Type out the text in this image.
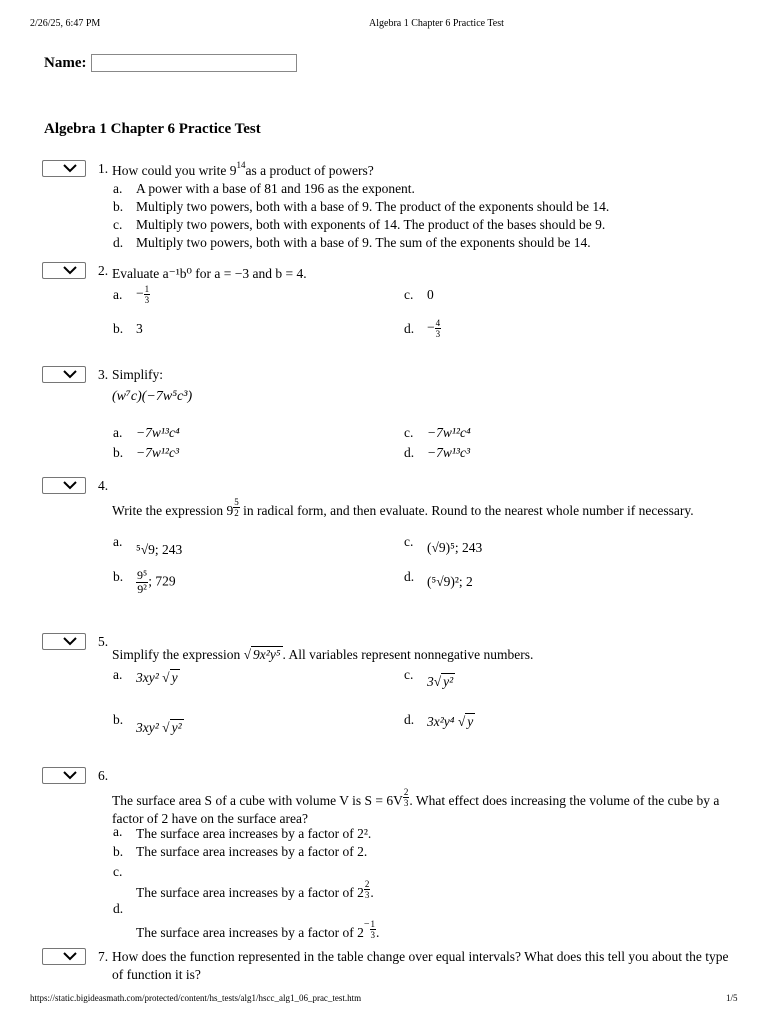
2/26/25, 6:47 PM	Algebra 1 Chapter 6 Practice Test
Name:
Algebra 1 Chapter 6 Practice Test
1. How could you write $9^{14}as$ a product of powers?
a. A power with a base of 81 and 196 as the exponent.
b. Multiply two powers, both with a base of 9. The product of the exponents should be 14.
c. Multiply two powers, both with exponents of 14. The product of the bases should be 9.
d. Multiply two powers, both with a base of 9. The sum of the exponents should be 14.
2. Evaluate a⁻¹b⁰ for a = −3 and b = 4.
a. − $\frac{1}{3}$
b. 3
c. 0
d. − $\frac{4}{3}$
3. Simplify:
(w⁷c)(−7w⁵c³)
a. −7w¹³c⁴
b. −7w¹²c³
c. −7w¹²c⁴
d. −7w¹³c³
4.
Write the expression $9 \frac{5}{2}$ in radical form, and then evaluate. Round to the nearest whole number if necessary.
a.
⁵√9; 243
b. $\frac{\text{9⁵}}{\text{9²}}$ ; 729
c. (√9)⁵; 243
d. (⁵√9)²; 2
5.
Simplify the expression √ 9x²y⁵ . All variables represent nonnegative numbers.
a. 3xy² √ y
b.
3xy² √ y²
c. 3√ y²
d. 3x²y⁴ √ y
6.
The surface area S of a cube with volume V is $S = 6V \frac{2}{3}$ . What effect does increasing the volume of the cube by a factor of 2 have on the surface area?
a. The surface area increases by a factor of 2².
b. The surface area increases by a factor of 2.
c.
The surface area increases by a factor of $2 \frac{2}{3}$ .
d.
The surface area increases by a factor of $2^- \frac{1}{3}$ .
7. How does the function represented in the table change over equal intervals? What does this tell you about the type of function it is?
https://static.bigideasmath.com/protected/content/hs_tests/alg1/hscc_alg1_06_prac_test.htm	1/5
